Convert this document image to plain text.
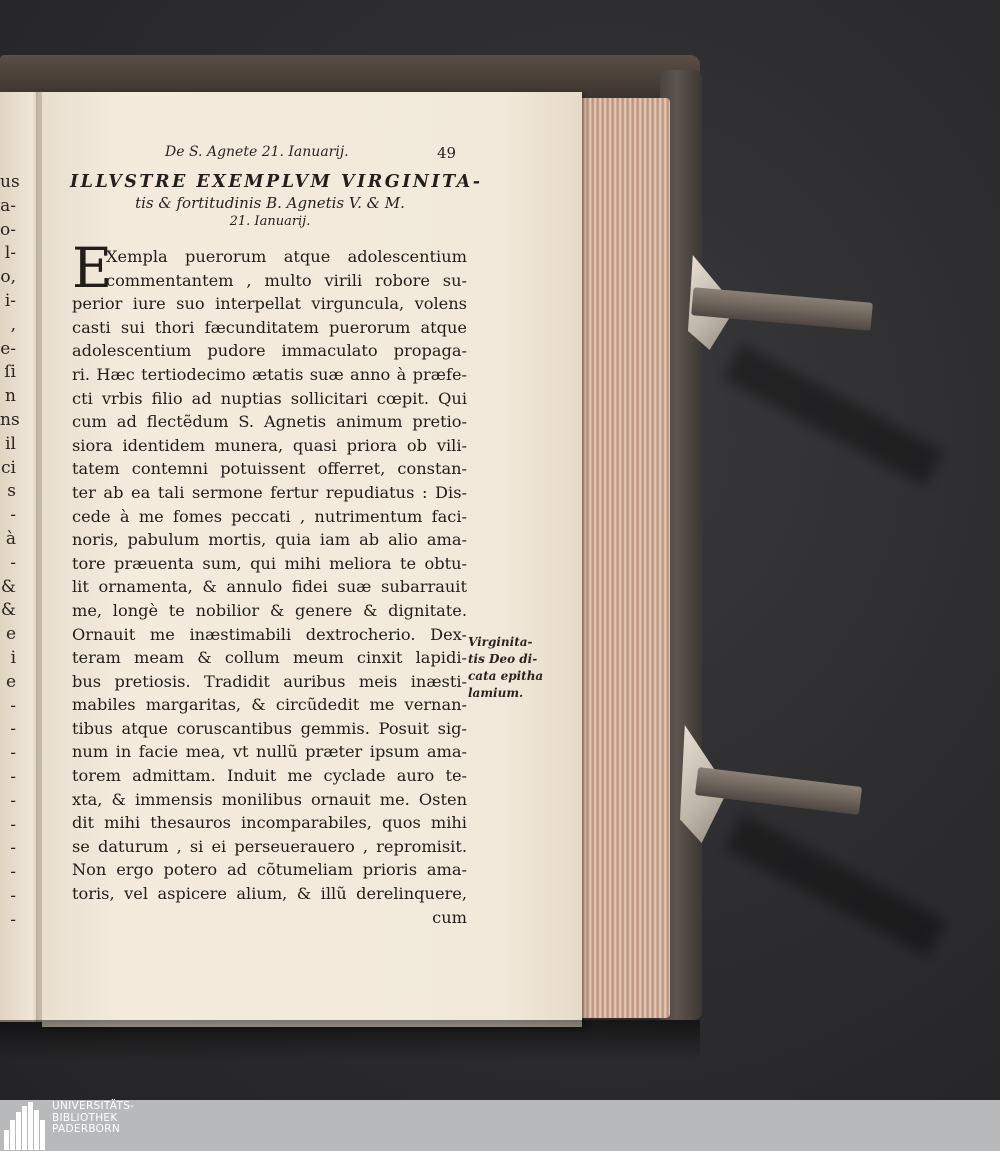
us
a-
o-
l-
o,
i-
,
e-
ſi
n
ns
il
ci
s
-
à
-
&
&
e
i
e
-
-
-
-
-
-
-
-
-
-
De S. Agnete 21. Ianuarij.	49
ILLVSTRE EXEMPLVM VIRGINITA-
tis & fortitudinis B. Agnetis V. & M.
21. Ianuarij.
E
Xempla puerorum atque adolescentium
commentantem , multo virili robore su-
perior iure suo interpellat virguncula, volens
casti sui thori fæcunditatem puerorum atque
adolescentium pudore immaculato propaga-
ri. Hæc tertiodecimo ætatis suæ anno à præfe-
cti vrbis filio ad nuptias sollicitari cœpit. Qui
cum ad flectẽdum S. Agnetis animum pretio-
siora identidem munera, quasi priora ob vili-
tatem contemni potuissent offerret, constan-
ter ab ea tali sermone fertur repudiatus : Dis-
cede à me fomes peccati , nutrimentum faci-
noris, pabulum mortis, quia iam ab alio ama-
tore præuenta sum, qui mihi meliora te obtu-
lit ornamenta, & annulo fidei suæ subarrauit
me, longè te nobilior & genere & dignitate.
Ornauit me inæstimabili dextrocherio. Dex-
teram meam & collum meum cinxit lapidi-
bus pretiosis. Tradidit auribus meis inæsti-
mabiles margaritas, & circũdedit me vernan-
tibus atque coruscantibus gemmis. Posuit sig-
num in facie mea, vt nullũ præter ipsum ama-
torem admittam. Induit me cyclade auro te-
xta, & immensis monilibus ornauit me. Osten
dit mihi thesauros incomparabiles, quos mihi
se daturum , si ei perseuerauero , repromisit.
Non ergo potero ad cõtumeliam prioris ama-
toris, vel aspicere alium, & illũ derelinquere,
cum
Virginita-
tis Deo di-
cata epitha
lamium.
UNIVERSITÄTS-
BIBLIOTHEK
PADERBORN
